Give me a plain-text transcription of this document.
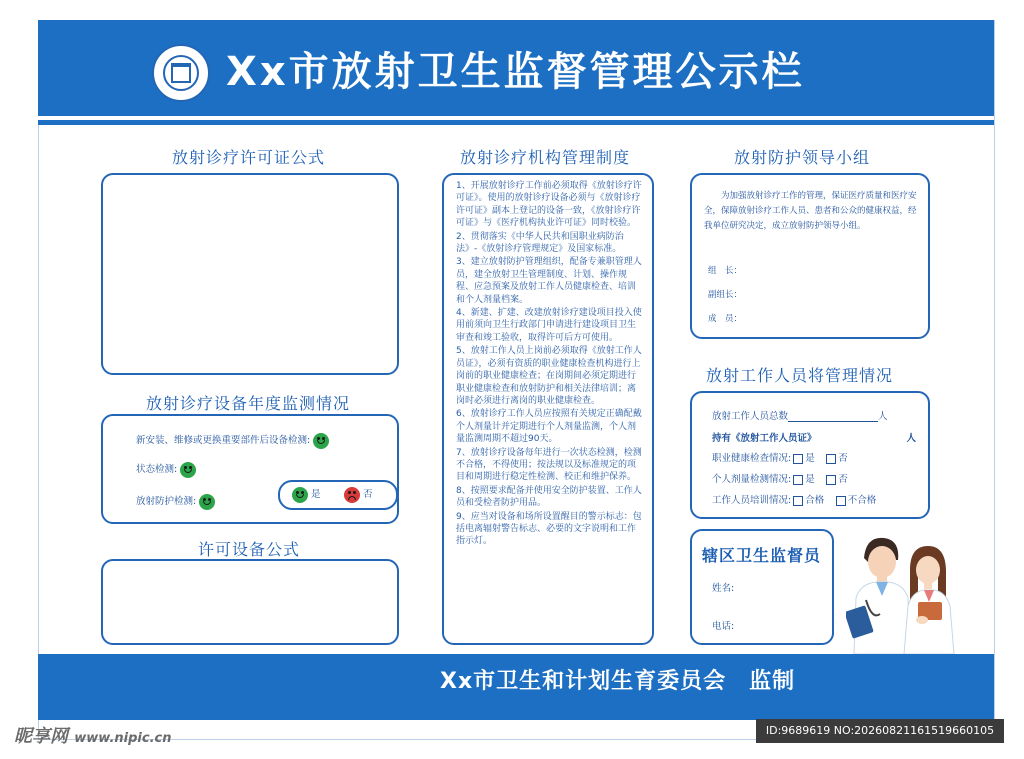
Xx市放射卫生监督管理公示栏
放射诊疗许可证公式
放射诊疗设备年度监测情况
新安装、维修或更换重要部件后设备检测:
状态检测:
放射防护检测:
是	否
许可设备公式
放射诊疗机构管理制度

1、开展放射诊疗工作前必须取得《放射诊疗许可证》。使用的放射诊疗设备必须与《放射诊疗许可证》副本上登记的设备一致，《放射诊疗许可证》与《医疗机构执业许可证》同时校验。

2、贯彻落实《中华人民共和国职业病防治法》-《放射诊疗管理规定》及国家标准。

3、建立放射防护管理组织，配备专兼职管理人员，建全放射卫生管理制度、计划、操作规程、应急预案及放射工作人员健康检查、培训和个人剂量档案。

4、新建、扩建、改建放射诊疗建设项目投入使用前须向卫生行政部门申请进行建设项目卫生审查和竣工验收，取得许可后方可使用。

5、放射工作人员上岗前必须取得《放射工作人员证》，必须有资质的职业健康检查机构进行上岗前的职业健康检查；在岗期间必须定期进行职业健康检查和放射防护和相关法律培训；离岗时必须进行离岗的职业健康检查。

6、放射诊疗工作人员应按照有关规定正确配戴个人剂量计并定期进行个人剂量监测，个人剂量监测周期不超过90天。

7、放射诊疗设备每年进行一次状态检测，检测不合格，不得使用；按法规以及标准规定的项目和周期进行稳定性检测、校正和维护保养。

8、按照要求配备并使用安全防护装置、工作人员和受检者防护用品。

9、应当对设备和场所设置醒目的警示标志：包括电离辐射警告标志、必要的文字说明和工作指示灯。

放射防护领导小组
为加强放射诊疗工作的管理，保证医疗质量和医疗安全，保障放射诊疗工作人员、患者和公众的健康权益，经我单位研究决定，成立放射防护领导小组。
组　长：
副组长：
成　员：
放射工作人员将管理情况
放射工作人员总数	人
持有《放射工作人员证》	人
职业健康检查情况: 是　 否
个人剂量检测情况: 是　 否
工作人员培训情况: 合格　 不合格
辖区卫生监督员
姓名:
电话:
Xx市卫生和计划生育委员会　监制
昵享网 www.nipic.cn
ID:9689619 NO:20260821161519660105
